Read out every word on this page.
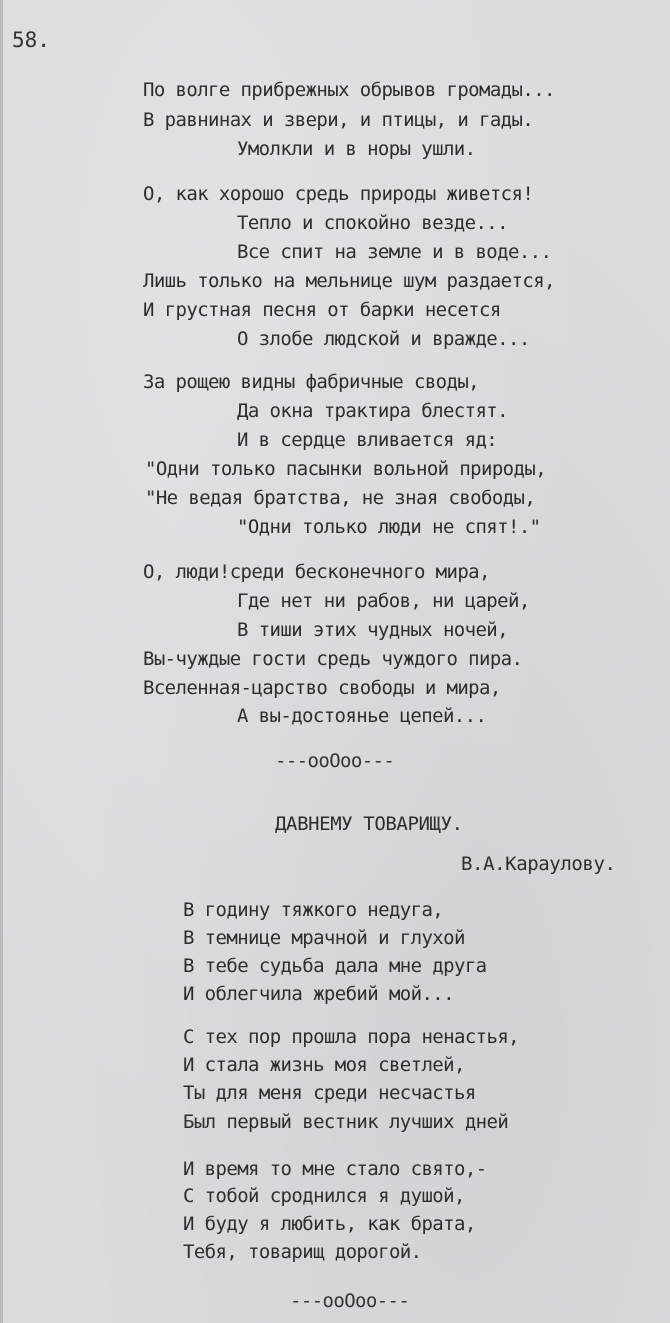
58.
По волге прибрежных обрывов громады...
В равнинах и звери, и птицы, и гады.
Умолкли и в норы ушли.
О, как хорошо средь природы живется!
Тепло и спокойно везде...
Все спит на земле и в воде...
Лишь только на мельнице шум раздается,
И грустная песня от барки несется
О злобе людской и вражде...
За рощею видны фабричные своды,
Да окна трактира блестят.
И в сердце вливается яд:
"Одни только пасынки вольной природы,
"Не ведая братства, не зная свободы,
"Одни только люди не спят!."
О, люди!среди бесконечного мира,
Где нет ни рабов, ни царей,
В тиши этих чудных ночей,
Вы-чуждые гости средь чуждого пира.
Вселенная-царство свободы и мира,
А вы-достоянье цепей...
---ooOoo---
ДАВНЕМУ ТОВАРИЩУ.
В.А.Караулову.
В годину тяжкого недуга,
В темнице мрачной и глухой
В тебе судьба дала мне друга
И облегчила жребий мой...
С тех пор прошла пора ненастья,
И стала жизнь моя светлей,
Ты для меня среди несчастья
Был первый вестник лучших дней
И время то мне стало свято,-
С тобой сроднился я душой,
И буду я любить, как брата,
Тебя, товарищ дорогой.
---ooOoo---
